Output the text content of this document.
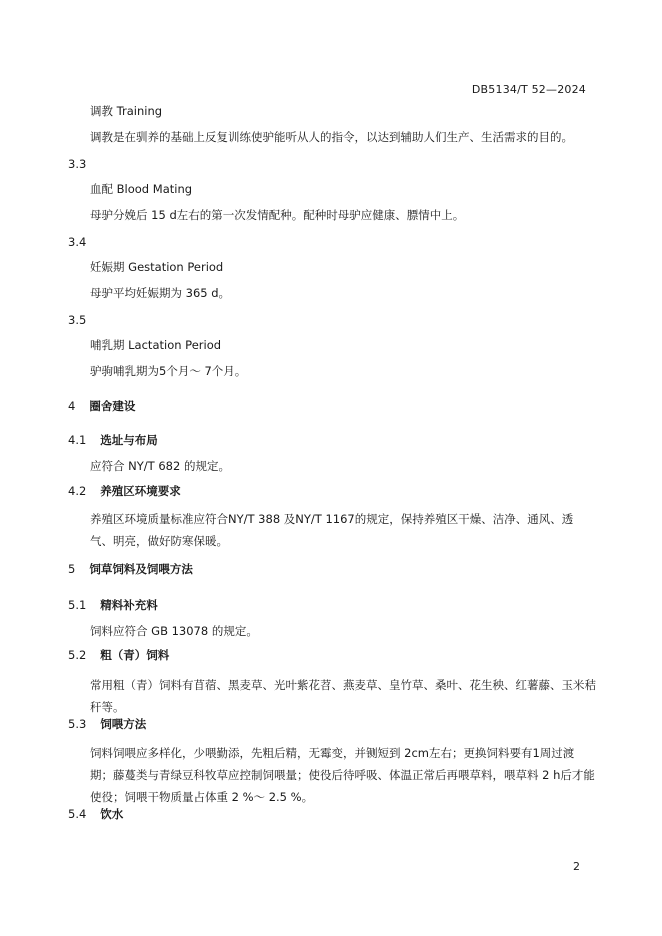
DB5134/T 52—2024
调教 Training
调教是在驯养的基础上反复训练使驴能听从人的指令，以达到辅助人们生产、生活需求的目的。
3.3
血配 Blood Mating
母驴分娩后 15 d左右的第一次发情配种。配种时母驴应健康、膘情中上。
3.4
妊娠期 Gestation Period
母驴平均妊娠期为 365 d。
3.5
哺乳期 Lactation Period
驴驹哺乳期为5个月～ 7个月。
4 圈舍建设
4.1 选址与布局
应符合 NY/T 682 的规定。
4.2 养殖区环境要求
养殖区环境质量标准应符合NY/T 388 及NY/T 1167的规定，保持养殖区干燥、洁净、通风、透气、明亮，做好防寒保暖。
5 饲草饲料及饲喂方法
5.1 精料补充料
饲料应符合 GB 13078 的规定。
5.2 粗（青）饲料
常用粗（青）饲料有苜蓿、黑麦草、光叶紫花苕、燕麦草、皇竹草、桑叶、花生秧、红薯藤、玉米秸秆等。
5.3 饲喂方法
饲料饲喂应多样化，少喂勤添，先粗后精，无霉变，并铡短到 2cm左右；更换饲料要有1周过渡期；藤蔓类与青绿豆科牧草应控制饲喂量；使役后待呼吸、体温正常后再喂草料，喂草料 2 h后才能使役；饲喂干物质量占体重 2 %～ 2.5 %。
5.4 饮水
2
